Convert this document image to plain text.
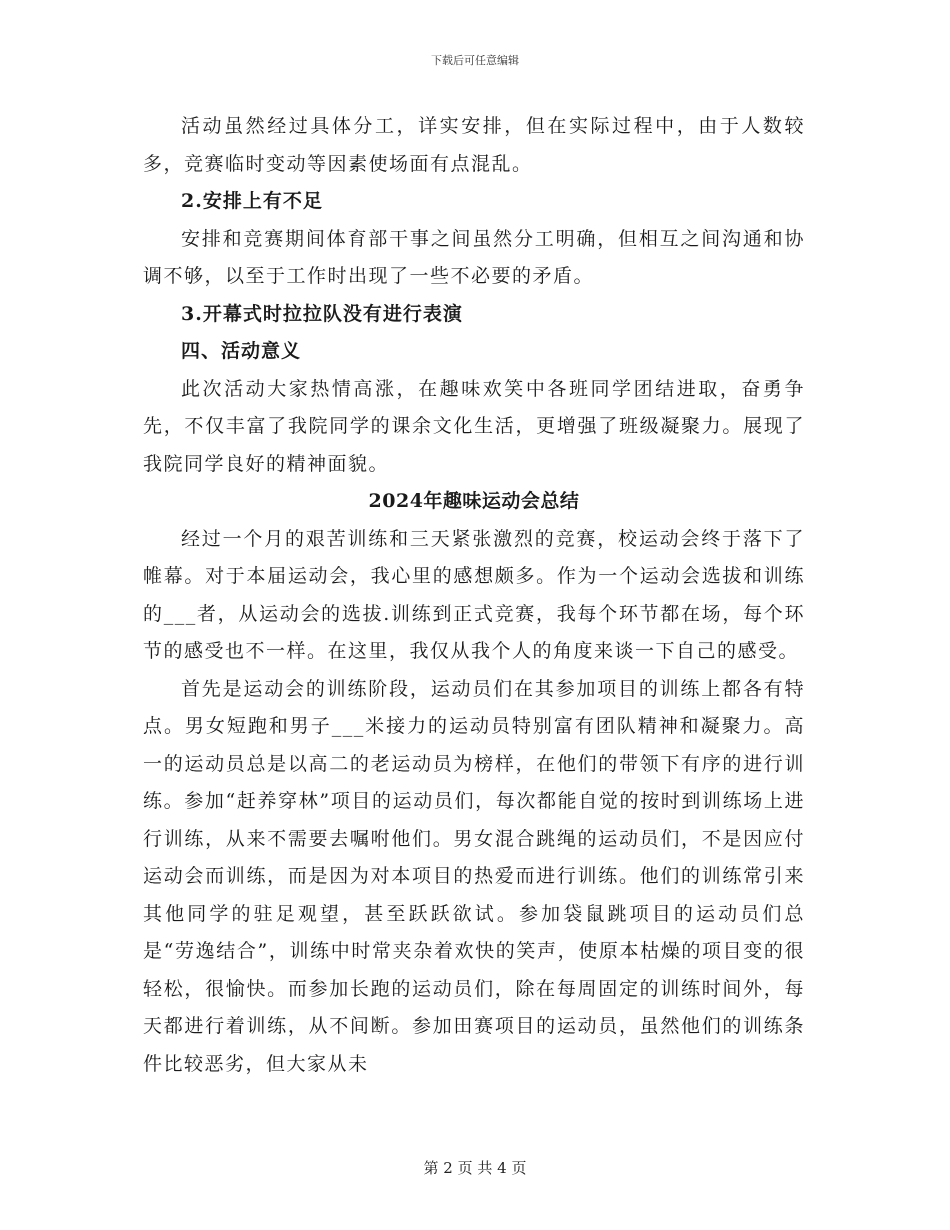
下载后可任意编辑

活动虽然经过具体分工，详实安排，但在实际过程中，由于人数较多，竞赛临时变动等因素使场面有点混乱。

2.安排上有不足

安排和竞赛期间体育部干事之间虽然分工明确，但相互之间沟通和协调不够，以至于工作时出现了一些不必要的矛盾。

3.开幕式时拉拉队没有进行表演

四、活动意义

此次活动大家热情高涨，在趣味欢笑中各班同学团结进取，奋勇争先，不仅丰富了我院同学的课余文化生活，更增强了班级凝聚力。展现了我院同学良好的精神面貌。

2024年趣味运动会总结

经过一个月的艰苦训练和三天紧张激烈的竞赛，校运动会终于落下了帷幕。对于本届运动会，我心里的感想颇多。作为一个运动会选拔和训练的___者，从运动会的选拔.训练到正式竞赛，我每个环节都在场，每个环节的感受也不一样。在这里，我仅从我个人的角度来谈一下自己的感受。

首先是运动会的训练阶段，运动员们在其参加项目的训练上都各有特点。男女短跑和男子___米接力的运动员特别富有团队精神和凝聚力。高一的运动员总是以高二的老运动员为榜样，在他们的带领下有序的进行训练。参加“赶养穿林”项目的运动员们，每次都能自觉的按时到训练场上进行训练，从来不需要去嘱咐他们。男女混合跳绳的运动员们，不是因应付运动会而训练，而是因为对本项目的热爱而进行训练。他们的训练常引来其他同学的驻足观望，甚至跃跃欲试。参加袋鼠跳项目的运动员们总是“劳逸结合”，训练中时常夹杂着欢快的笑声，使原本枯燥的项目变的很轻松，很愉快。而参加长跑的运动员们，除在每周固定的训练时间外，每天都进行着训练，从不间断。参加田赛项目的运动员，虽然他们的训练条件比较恶劣，但大家从未

第 2 页 共 4 页
